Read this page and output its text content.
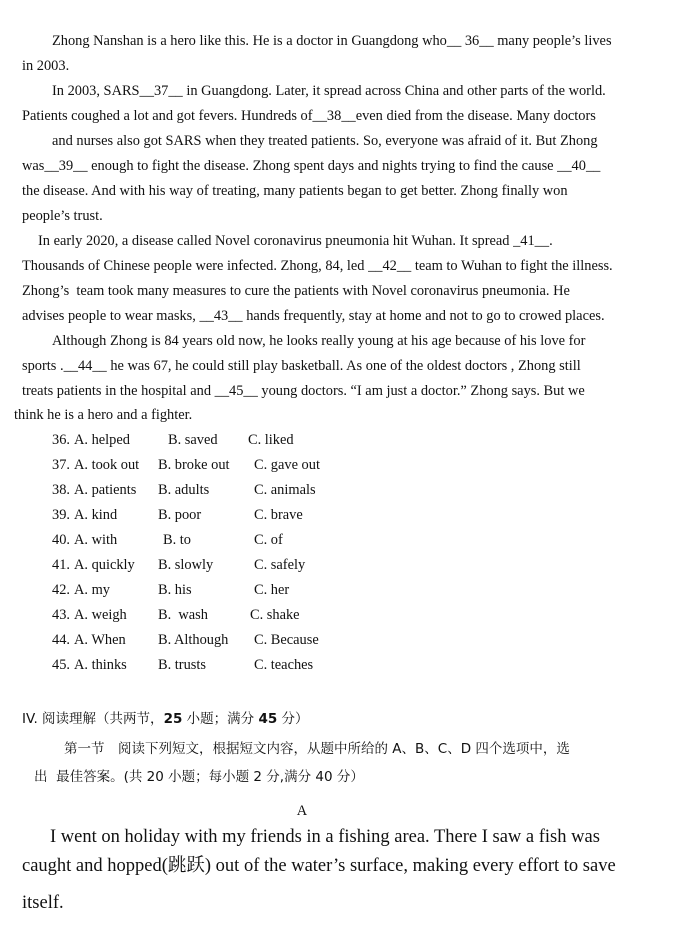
Zhong Nanshan is a hero like this. He is a doctor in Guangdong who__ 36__ many people’s lives
in 2003.
In 2003, SARS__37__ in Guangdong. Later, it spread across China and other parts of the world.
Patients coughed a lot and got fevers. Hundreds of__38__even died from the disease. Many doctors
and nurses also got SARS when they treated patients. So, everyone was afraid of it. But Zhong
was__39__ enough to fight the disease. Zhong spent days and nights trying to find the cause __40__
the disease. And with his way of treating, many patients began to get better. Zhong finally won
people’s trust.
In early 2020, a disease called Novel coronavirus pneumonia hit Wuhan. It spread _41__.
Thousands of Chinese people were infected. Zhong, 84, led __42__ team to Wuhan to fight the illness.
Zhong’s  team took many measures to cure the patients with Novel coronavirus pneumonia. He
advises people to wear masks, __43__ hands frequently, stay at home and not to go to crowed places.
Although Zhong is 84 years old now, he looks really young at his age because of his love for
sports .__44__ he was 67, he could still play basketball. As one of the oldest doctors , Zhong still
treats patients in the hospital and __45__ young doctors. “I am just a doctor.” Zhong says. But we
think he is a hero and a fighter.
36. A. helped	B. saved C. liked
37. A. took out B. broke out C. gave out
38. A. patients B. adults	C. animals
39. A. kind	B. poor	C. brave
40. A. with	B. to	C. of
41. A. quickly B. slowly	C. safely
42. A. my	B. his	C. her
43. A. weigh B.  wash	C. shake
44. A. When B. Although C. Because
45. A. thinks B. trusts	C. teaches
IV. 阅读理解（共两节，25 小题；满分 45 分）
第一节　阅读下列短文，根据短文内容，从题中所给的 A、B、C、D 四个选项中，选
出  最佳答案。(共 20 小题；每小题 2 分,满分 40 分）
A
I went on holiday with my friends in a fishing area. There I saw a fish was
caught and hopped(跳跃) out of the water’s surface, making every effort to save
itself.
